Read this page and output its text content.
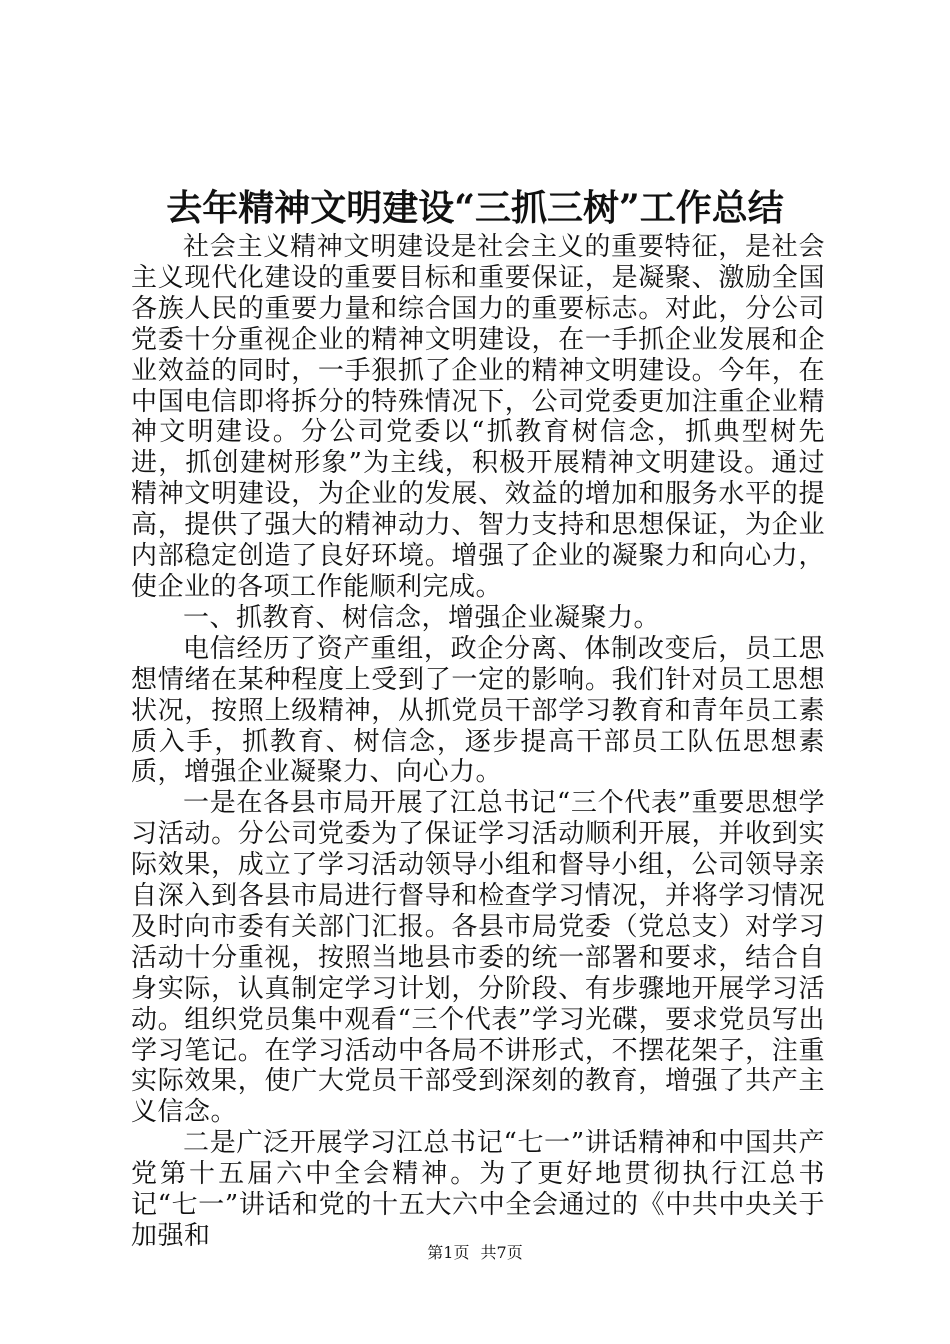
去年精神文明建设“三抓三树”工作总结

社会主义精神文明建设是社会主义的重要特征，是社会主义现代化建设的重要目标和重要保证，是凝聚、激励全国各族人民的重要力量和综合国力的重要标志。对此，分公司党委十分重视企业的精神文明建设，在一手抓企业发展和企业效益的同时，一手狠抓了企业的精神文明建设。今年，在中国电信即将拆分的特殊情况下，公司党委更加注重企业精神文明建设。分公司党委以“抓教育树信念，抓典型树先进，抓创建树形象”为主线，积极开展精神文明建设。通过精神文明建设，为企业的发展、效益的增加和服务水平的提高，提供了强大的精神动力、智力支持和思想保证，为企业内部稳定创造了良好环境。增强了企业的凝聚力和向心力，使企业的各项工作能顺利完成。

一、抓教育、树信念，增强企业凝聚力。

电信经历了资产重组，政企分离、体制改变后，员工思想情绪在某种程度上受到了一定的影响。我们针对员工思想状况，按照上级精神，从抓党员干部学习教育和青年员工素质入手，抓教育、树信念，逐步提高干部员工队伍思想素质，增强企业凝聚力、向心力。

一是在各县市局开展了江总书记“三个代表”重要思想学习活动。分公司党委为了保证学习活动顺利开展，并收到实际效果，成立了学习活动领导小组和督导小组，公司领导亲自深入到各县市局进行督导和检查学习情况，并将学习情况及时向市委有关部门汇报。各县市局党委（党总支）对学习活动十分重视，按照当地县市委的统一部署和要求，结合自身实际，认真制定学习计划，分阶段、有步骤地开展学习活动。组织党员集中观看“三个代表”学习光碟，要求党员写出学习笔记。在学习活动中各局不讲形式，不摆花架子，注重实际效果，使广大党员干部受到深刻的教育，增强了共产主义信念。

二是广泛开展学习江总书记“七一”讲话精神和中国共产党第十五届六中全会精神。为了更好地贯彻执行江总书记“七一”讲话和党的十五大六中全会通过的《中共中央关于加强和

第1页 共7页
